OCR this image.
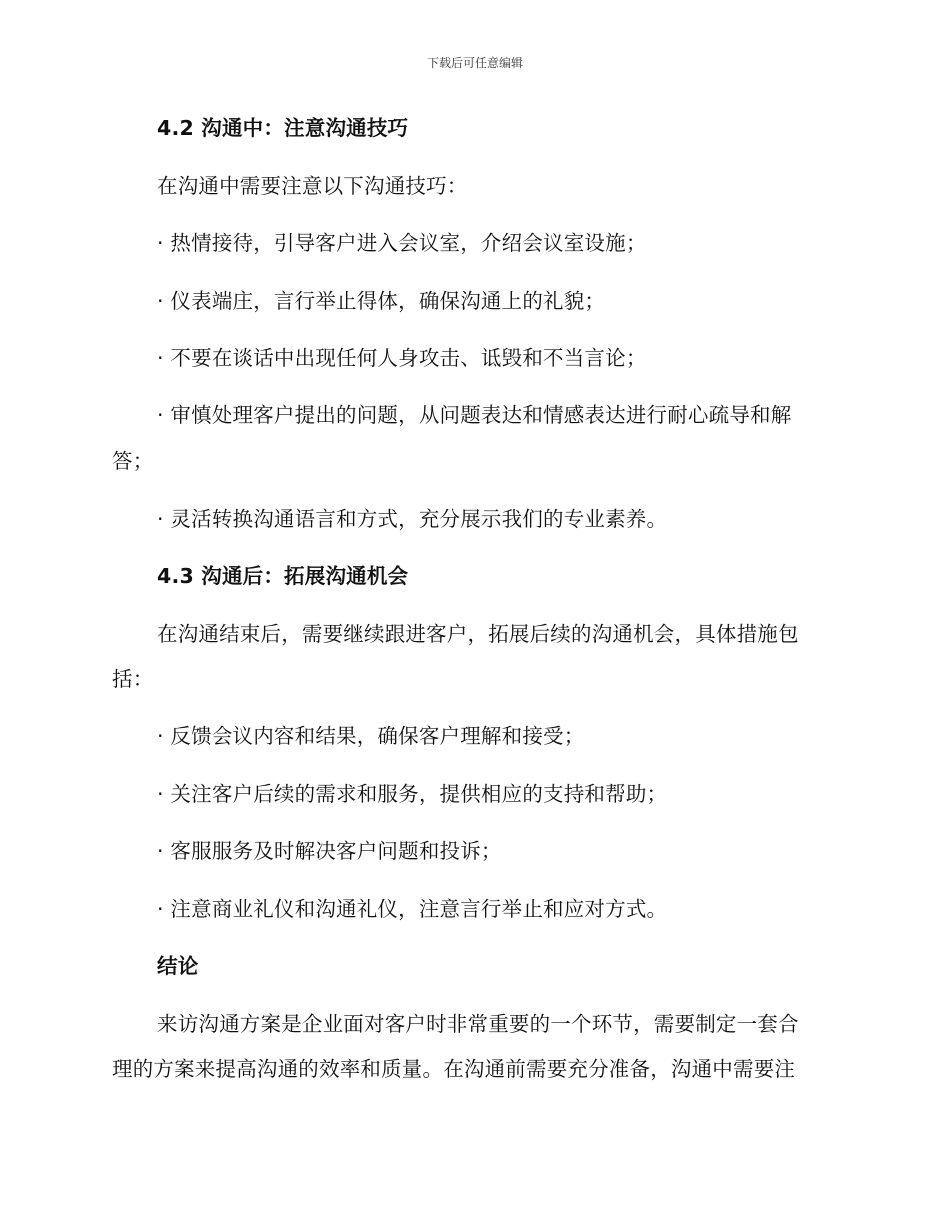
下载后可任意编辑
4.2 沟通中：注意沟通技巧
在沟通中需要注意以下沟通技巧：
· 热情接待，引导客户进入会议室，介绍会议室设施；
· 仪表端庄，言行举止得体，确保沟通上的礼貌；
· 不要在谈话中出现任何人身攻击、诋毁和不当言论；
· 审慎处理客户提出的问题，从问题表达和情感表达进行耐心疏导和解
答；
· 灵活转换沟通语言和方式，充分展示我们的专业素养。
4.3 沟通后：拓展沟通机会
在沟通结束后，需要继续跟进客户，拓展后续的沟通机会，具体措施包
括：
· 反馈会议内容和结果，确保客户理解和接受；
· 关注客户后续的需求和服务，提供相应的支持和帮助；
· 客服服务及时解决客户问题和投诉；
· 注意商业礼仪和沟通礼仪，注意言行举止和应对方式。
结论
来访沟通方案是企业面对客户时非常重要的一个环节，需要制定一套合
理的方案来提高沟通的效率和质量。在沟通前需要充分准备，沟通中需要注
